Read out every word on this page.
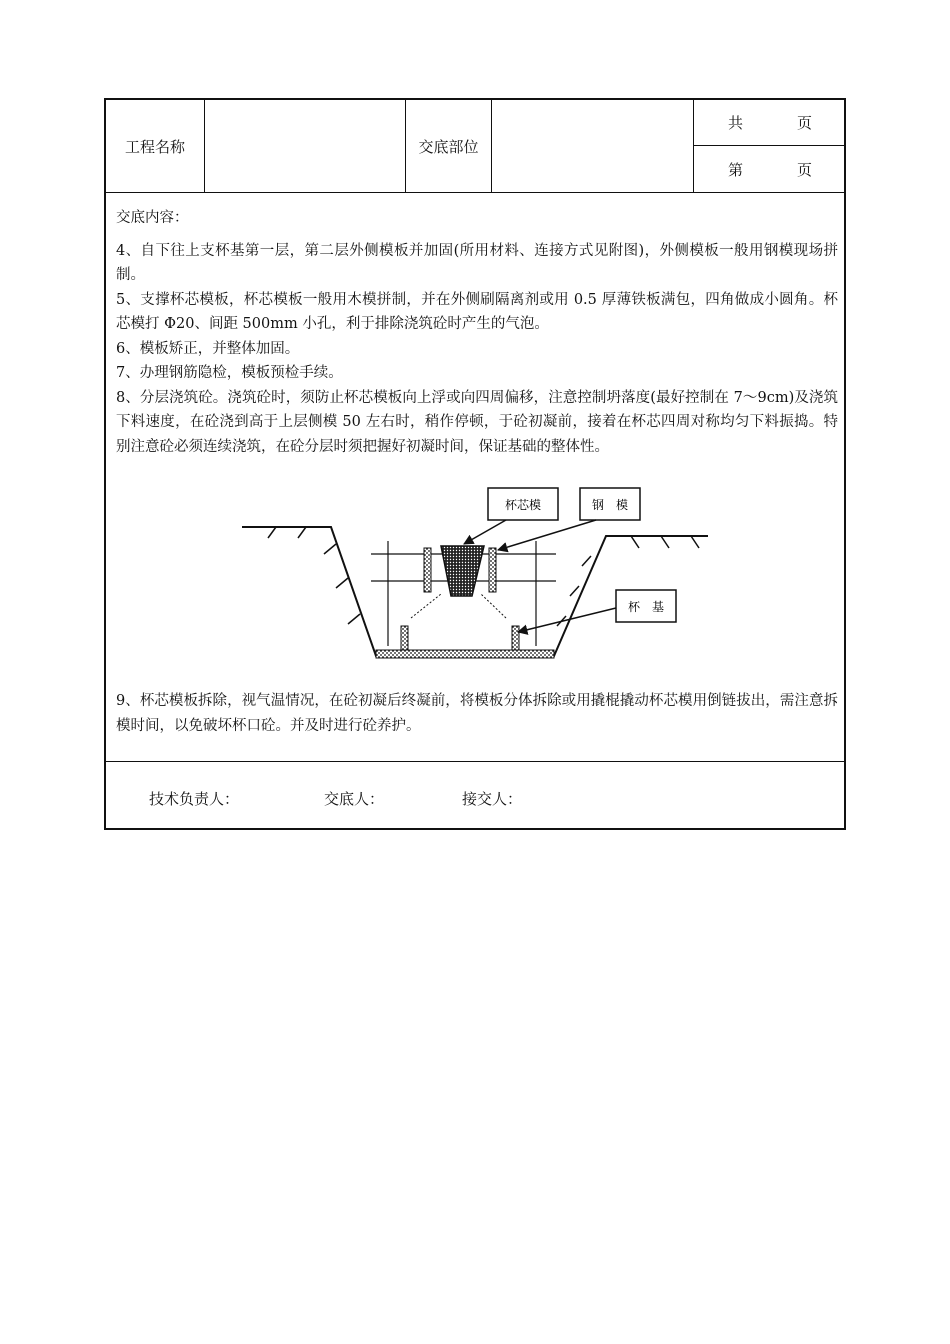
工程名称	交底部位
共	页
第	页

交底内容：

4、自下往上支杯基第一层，第二层外侧模板并加固(所用材料、连接方式见附图)，外侧模板一般用钢模现场拼制。

5、支撑杯芯模板，杯芯模板一般用木模拼制，并在外侧刷隔离剂或用 0.5 厚薄铁板满包，四角做成小圆角。杯芯模打 Φ20、间距 500mm 小孔，利于排除浇筑砼时产生的气泡。

6、模板矫正，并整体加固。

7、办理钢筋隐检，模板预检手续。

8、分层浇筑砼。浇筑砼时，须防止杯芯模板向上浮或向四周偏移，注意控制坍落度(最好控制在 7～9cm)及浇筑下料速度，在砼浇到高于上层侧模 50 左右时，稍作停顿，于砼初凝前，接着在杯芯四周对称均匀下料振捣。特别注意砼必须连续浇筑，在砼分层时须把握好初凝时间，保证基础的整体性。

杯芯模	钢　模
杯　基

9、杯芯模板拆除，视气温情况，在砼初凝后终凝前，将模板分体拆除或用撬棍撬动杯芯模用倒链拔出，需注意拆模时间，以免破坏杯口砼。并及时进行砼养护。

技术负责人：	交底人：	接交人：
